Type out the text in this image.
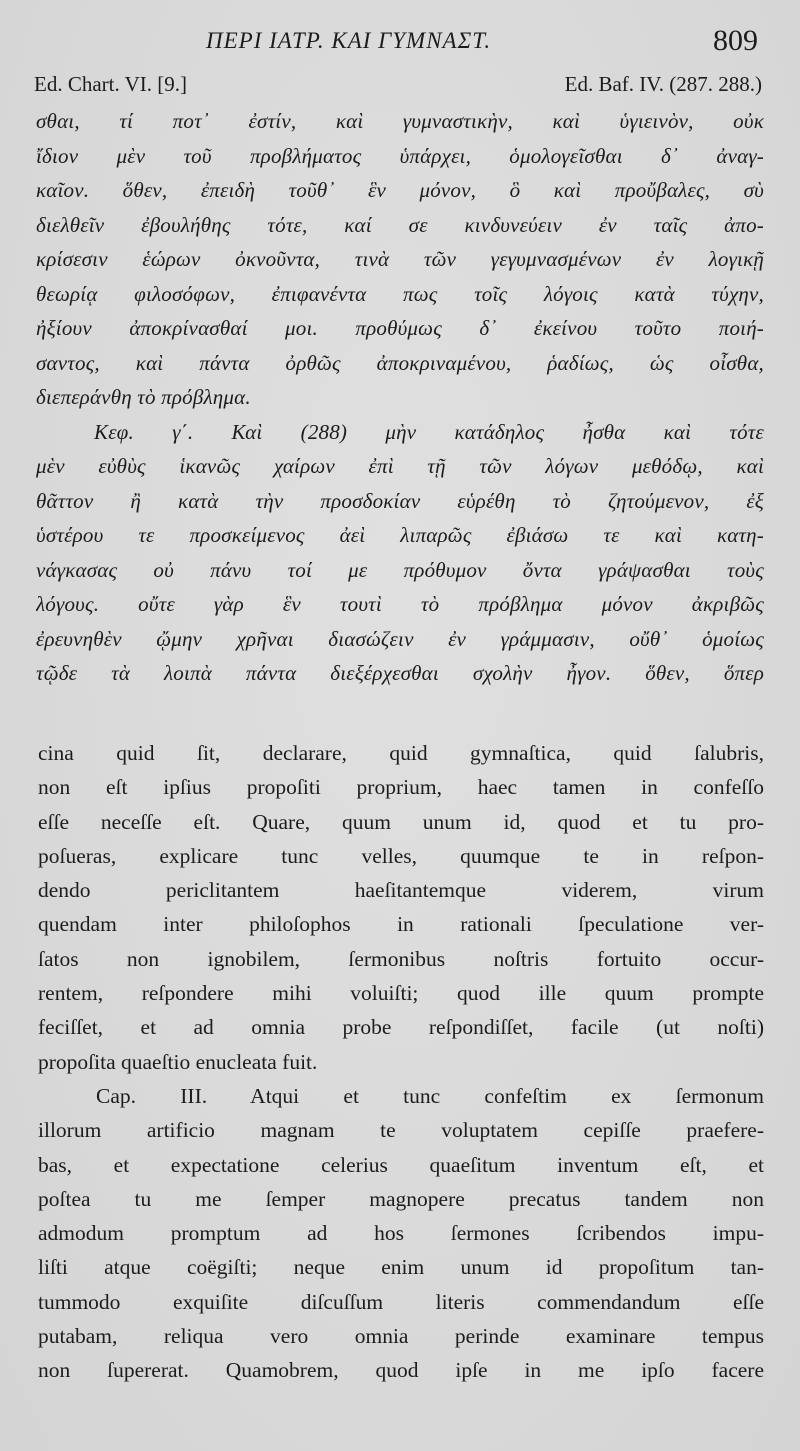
ΠΕΡΙ ΙΑΤΡ. ΚΑΙ ΓΥΜΝΑΣΤ.	809
Ed. Chart. VI. [9.]	Ed. Baf. IV. (287. 288.)
σθαι, τί ποτ᾽ ἐστίν, καὶ γυμναστικὴν, καὶ ὑγιεινὸν, οὐκ
ἴδιον μὲν τοῦ προβλήματος ὑπάρχει, ὁμολογεῖσθαι δ᾽ ἀναγ-
καῖον. ὅθεν, ἐπειδὴ τοῦθ᾽ ἓν μόνον, ὃ καὶ προὔβαλες, σὺ
διελθεῖν ἐβουλήθης τότε, καί σε κινδυνεύειν ἐν ταῖς ἀπο-
κρίσεσιν ἑώρων ὀκνοῦντα, τινὰ τῶν γεγυμνασμένων ἐν λογικῇ
θεωρίᾳ φιλοσόφων, ἐπιφανέντα πως τοῖς λόγοις κατὰ τύχην,
ἠξίουν ἀποκρίνασθαί μοι. προθύμως δ᾽ ἐκείνου τοῦτο ποιή-
σαντος, καὶ πάντα ὀρθῶς ἀποκριναμένου, ῥαδίως, ὡς οἶσθα,
διεπεράνθη τὸ πρόβλημα.
Κεφ. γ΄. Καὶ (288) μὴν κατάδηλος ἦσθα καὶ τότε
μὲν εὐθὺς ἱκανῶς χαίρων ἐπὶ τῇ τῶν λόγων μεθόδῳ, καὶ
θᾶττον ἢ κατὰ τὴν προσδοκίαν εὑρέθη τὸ ζητούμενον, ἐξ
ὑστέρου τε προσκείμενος ἀεὶ λιπαρῶς ἐβιάσω τε καὶ κατη-
νάγκασας οὐ πάνυ τοί με πρόθυμον ὄντα γράψασθαι τοὺς
λόγους. οὔτε γὰρ ἓν τουτὶ τὸ πρόβλημα μόνον ἀκριβῶς
ἐρευνηθὲν ᾤμην χρῆναι διασώζειν ἐν γράμμασιν, οὔθ᾽ ὁμοίως
τῷδε τὰ λοιπὰ πάντα διεξέρχεσθαι σχολὴν ἦγον. ὅθεν, ὅπερ
cina quid ſit, declarare, quid gymnaſtica, quid ſalubris,
non eſt ipſius propoſiti proprium, haec tamen in confeſſo
eſſe neceſſe eſt. Quare, quum unum id, quod et tu pro-
poſueras, explicare tunc velles, quumque te in reſpon-
dendo periclitantem haeſitantemque viderem, virum
quendam inter philoſophos in rationali ſpeculatione ver-
ſatos non ignobilem, ſermonibus noſtris fortuito occur-
rentem, reſpondere mihi voluiſti; quod ille quum prompte
feciſſet, et ad omnia probe reſpondiſſet, facile (ut noſti)
propoſita quaeſtio enucleata fuit.
Cap. III. Atqui et tunc confeſtim ex ſermonum
illorum artificio magnam te voluptatem cepiſſe praefere-
bas, et expectatione celerius quaeſitum inventum eſt, et
poſtea tu me ſemper magnopere precatus tandem non
admodum promptum ad hos ſermones ſcribendos impu-
liſti atque coëgiſti; neque enim unum id propoſitum tan-
tummodo exquiſite diſcuſſum literis commendandum eſſe
putabam, reliqua vero omnia perinde examinare tempus
non ſupererat. Quamobrem, quod ipſe in me ipſo facere
